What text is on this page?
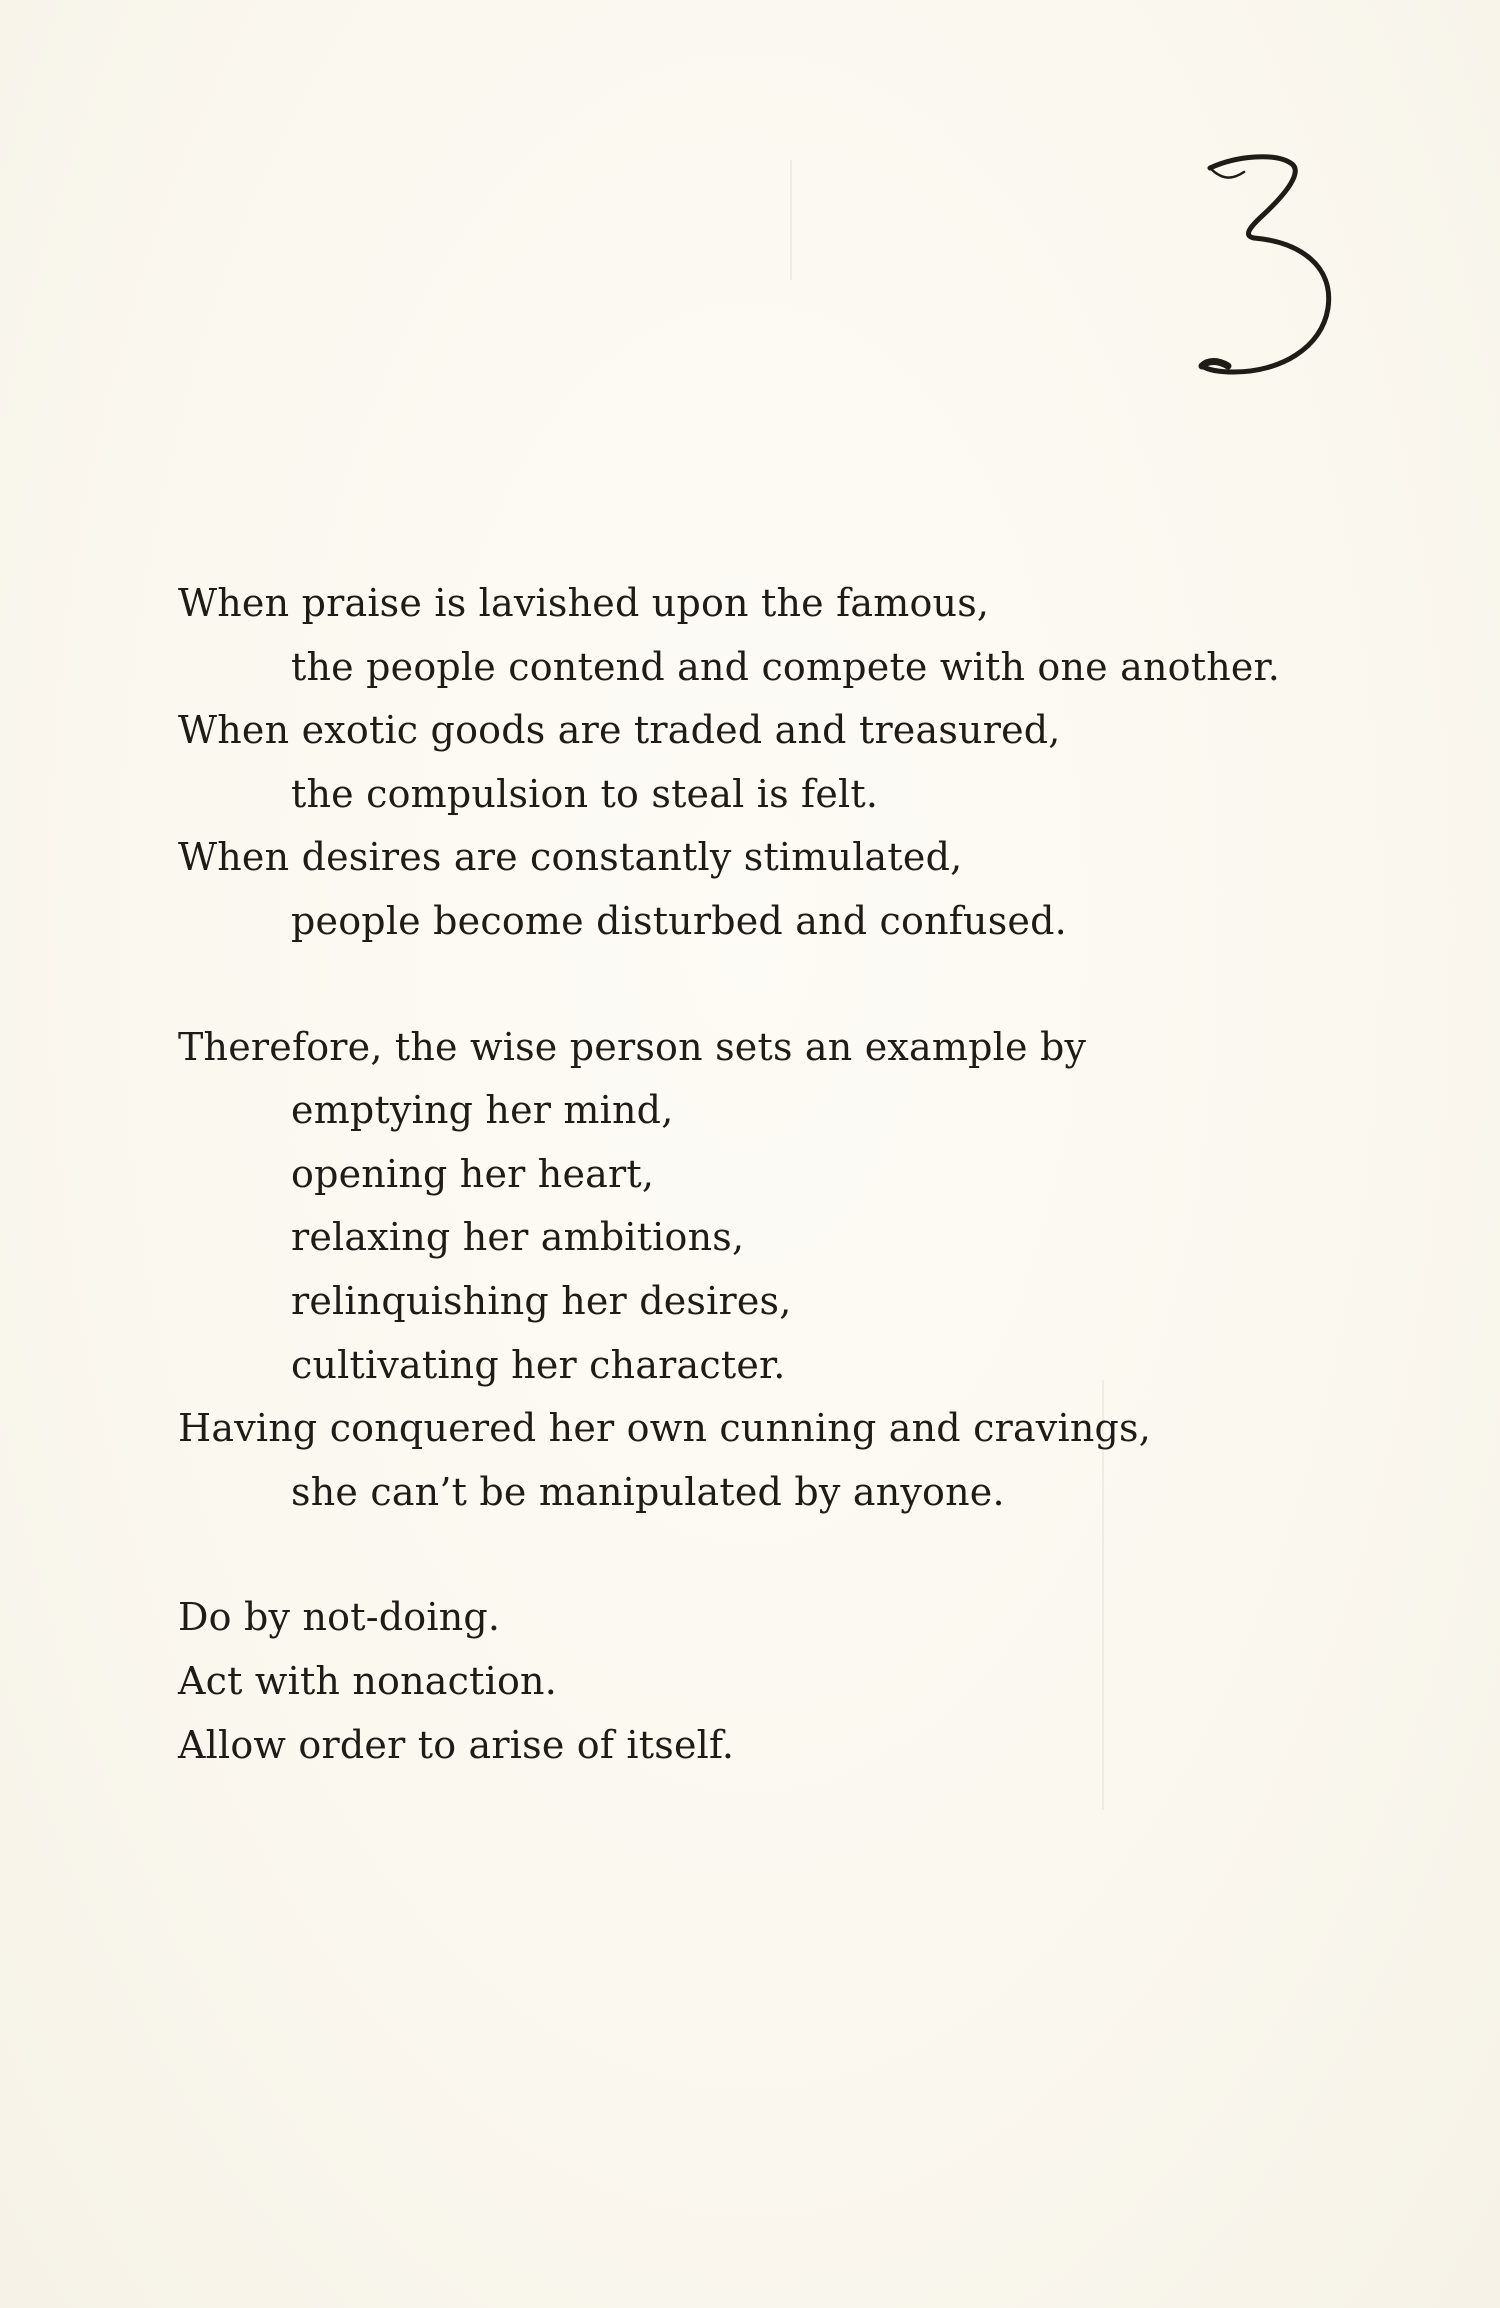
When praise is lavished upon the famous,
the people contend and compete with one another.
When exotic goods are traded and treasured,
the compulsion to steal is felt.
When desires are constantly stimulated,
people become disturbed and confused.
Therefore, the wise person sets an example by
emptying her mind,
opening her heart,
relaxing her ambitions,
relinquishing her desires,
cultivating her character.
Having conquered her own cunning and cravings,
she can’t be manipulated by anyone.
Do by not-doing.
Act with nonaction.
Allow order to arise of itself.
